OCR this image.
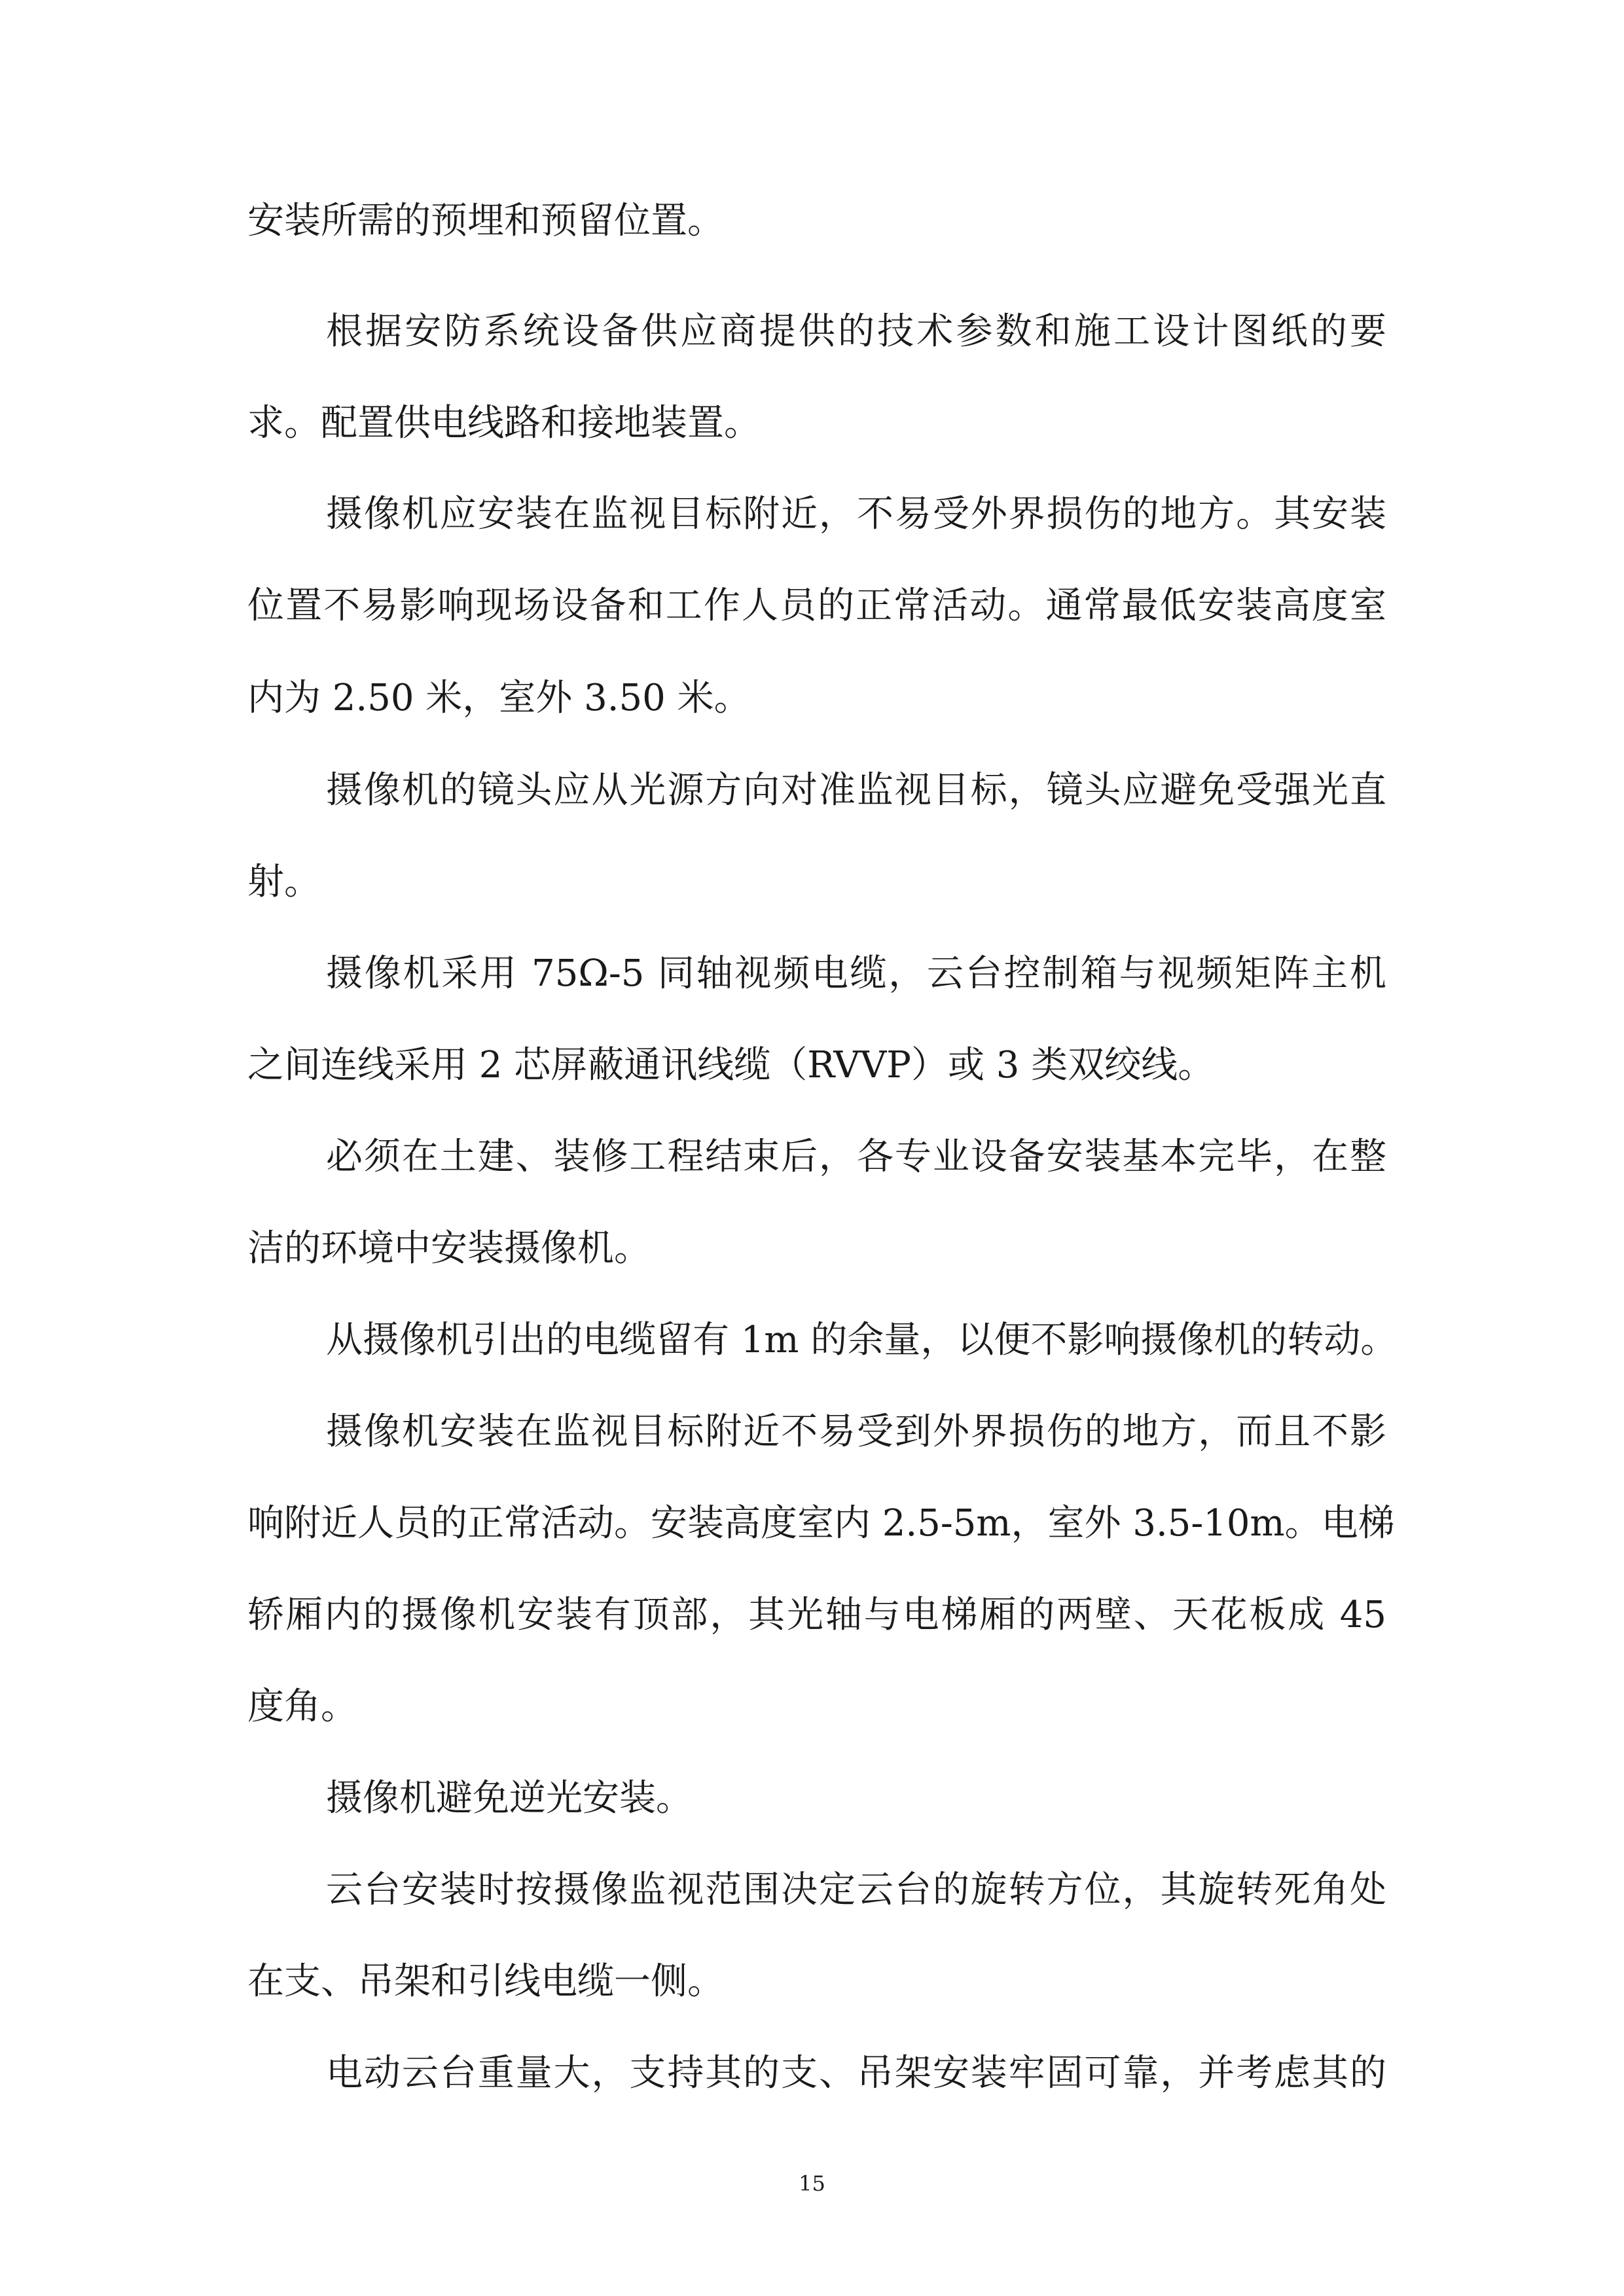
安装所需的预埋和预留位置。

根据安防系统设备供应商提供的技术参数和施工设计图纸的要

求。配置供电线路和接地装置。

摄像机应安装在监视目标附近，不易受外界损伤的地方。其安装

位置不易影响现场设备和工作人员的正常活动。通常最低安装高度室

内为 2.50 米，室外 3.50 米。

摄像机的镜头应从光源方向对准监视目标，镜头应避免受强光直

射。

摄像机采用 75Ω-5 同轴视频电缆，云台控制箱与视频矩阵主机

之间连线采用 2 芯屏蔽通讯线缆（RVVP）或 3 类双绞线。

必须在土建、装修工程结束后，各专业设备安装基本完毕，在整

洁的环境中安装摄像机。

从摄像机引出的电缆留有 1m 的余量，以便不影响摄像机的转动。

摄像机安装在监视目标附近不易受到外界损伤的地方，而且不影

响附近人员的正常活动。安装高度室内 2.5-5m，室外 3.5-10m。电梯

轿厢内的摄像机安装有顶部，其光轴与电梯厢的两壁、天花板成 45

度角。

摄像机避免逆光安装。

云台安装时按摄像监视范围决定云台的旋转方位，其旋转死角处

在支、吊架和引线电缆一侧。

电动云台重量大，支持其的支、吊架安装牢固可靠，并考虑其的

15
